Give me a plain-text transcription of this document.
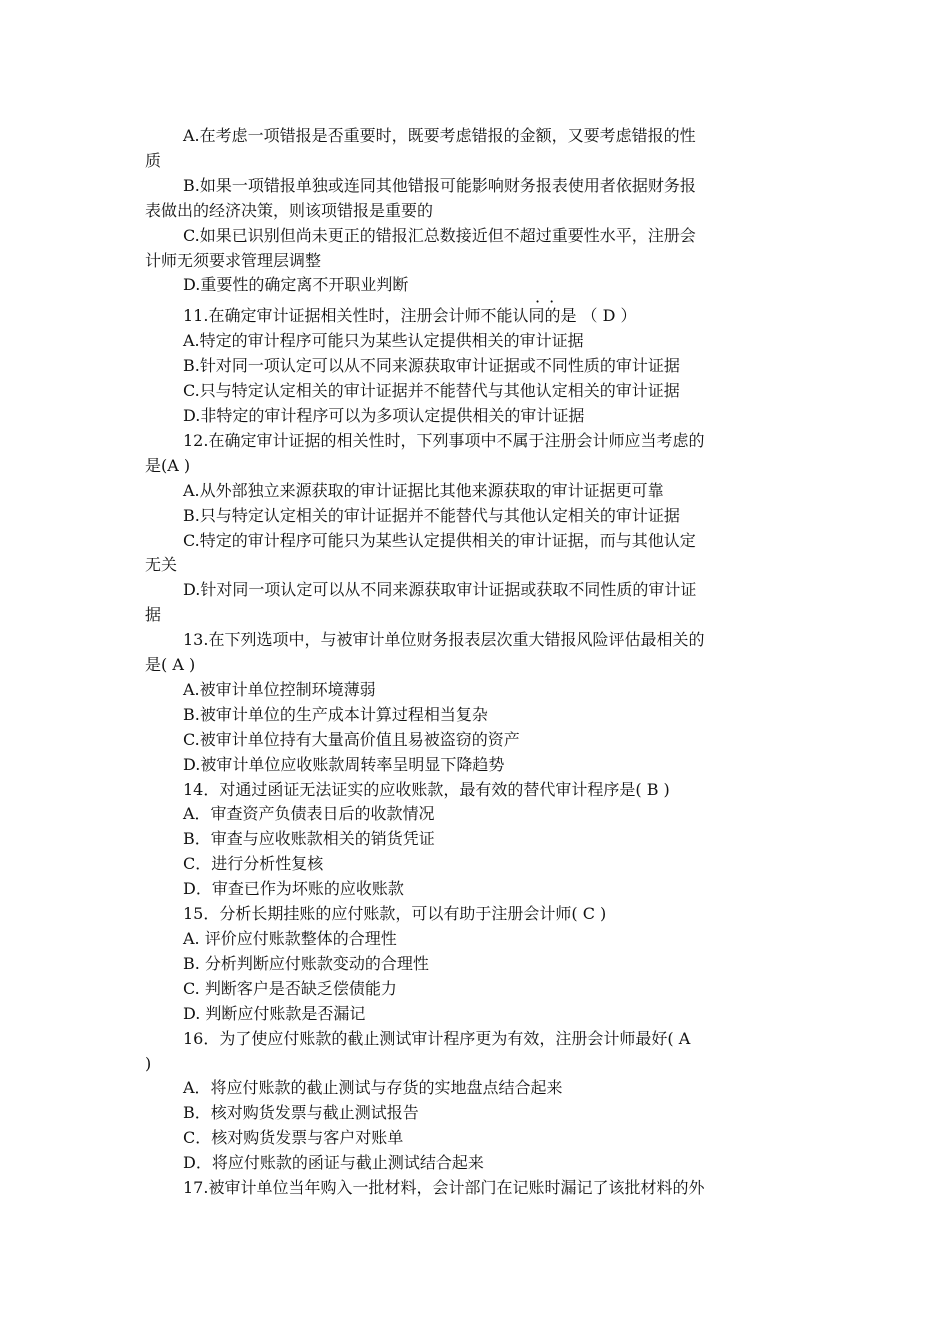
A.在考虑一项错报是否重要时，既要考虑错报的金额，又要考虑错报的性
质
B.如果一项错报单独或连同其他错报可能影响财务报表使用者依据财务报
表做出的经济决策，则该项错报是重要的
C.如果已识别但尚未更正的错报汇总数接近但不超过重要性水平，注册会
计师无须要求管理层调整
D.重要性的确定离不开职业判断
··
11.在确定审计证据相关性时，注册会计师不能认同的是 （ D ）
A.特定的审计程序可能只为某些认定提供相关的审计证据
B.针对同一项认定可以从不同来源获取审计证据或不同性质的审计证据
C.只与特定认定相关的审计证据并不能替代与其他认定相关的审计证据
D.非特定的审计程序可以为多项认定提供相关的审计证据
12.在确定审计证据的相关性时，下列事项中不属于注册会计师应当考虑的
是(A )
A.从外部独立来源获取的审计证据比其他来源获取的审计证据更可靠
B.只与特定认定相关的审计证据并不能替代与其他认定相关的审计证据
C.特定的审计程序可能只为某些认定提供相关的审计证据，而与其他认定
无关
D.针对同一项认定可以从不同来源获取审计证据或获取不同性质的审计证
据
13.在下列选项中，与被审计单位财务报表层次重大错报风险评估最相关的
是( A )
A.被审计单位控制环境薄弱
B.被审计单位的生产成本计算过程相当复杂
C.被审计单位持有大量高价值且易被盗窃的资产
D.被审计单位应收账款周转率呈明显下降趋势
14．对通过函证无法证实的应收账款，最有效的替代审计程序是( B )
A．审查资产负债表日后的收款情况
B．审查与应收账款相关的销货凭证
C．进行分析性复核
D．审查已作为坏账的应收账款
15．分析长期挂账的应付账款，可以有助于注册会计师( C )
A. 评价应付账款整体的合理性
B. 分析判断应付账款变动的合理性
C. 判断客户是否缺乏偿债能力
D. 判断应付账款是否漏记
16．为了使应付账款的截止测试审计程序更为有效，注册会计师最好( A
)
A．将应付账款的截止测试与存货的实地盘点结合起来
B．核对购货发票与截止测试报告
C．核对购货发票与客户对账单
D．将应付账款的函证与截止测试结合起来
17.被审计单位当年购入一批材料，会计部门在记账时漏记了该批材料的外
